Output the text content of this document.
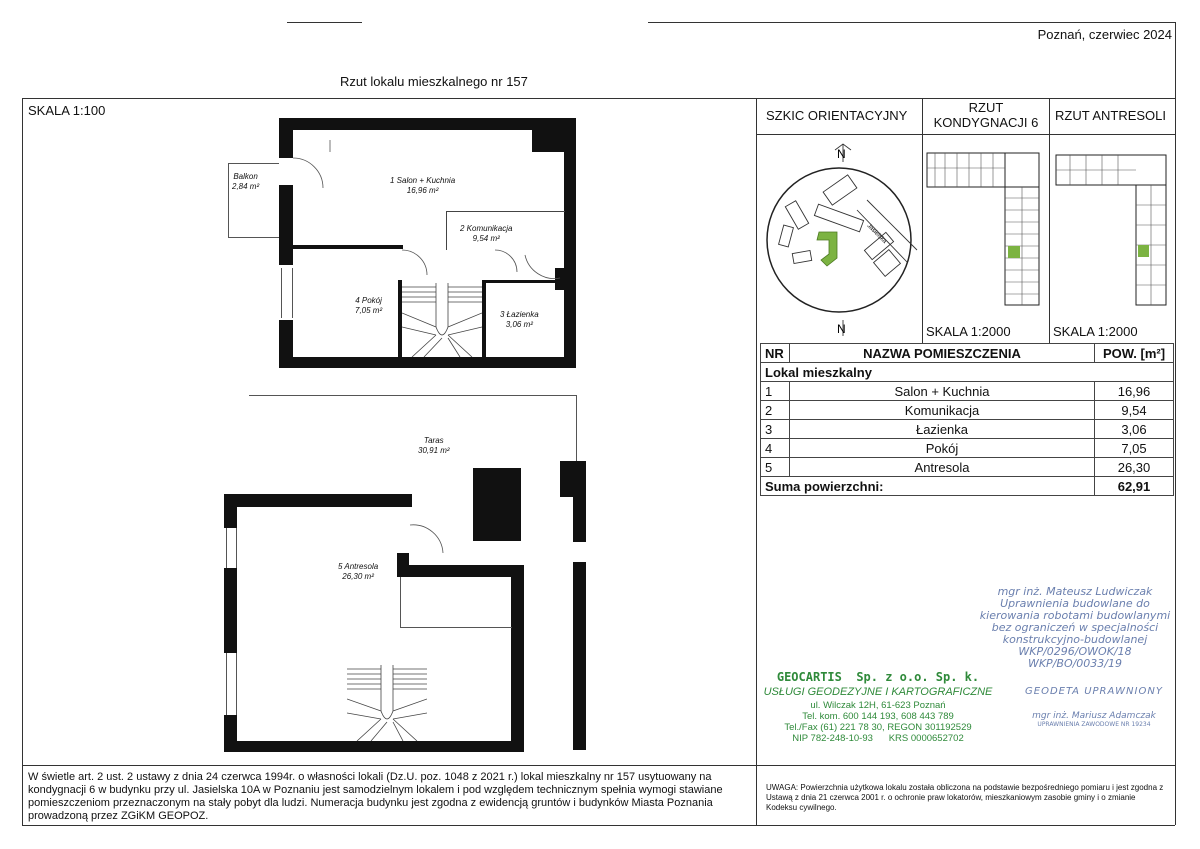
Poznań, czerwiec 2024
Rzut lokalu mieszkalnego nr 157
SKALA 1:100
Balkon
2,84 m²
1 Salon + Kuchnia
16,96 m²
2 Komunikacja
9,54 m²
4 Pokój
7,05 m²	3 Łazienka
3,06 m²
Taras
30,91 m²
5 Antresola
26,30 m²
SZKIC ORIENTACYJNY
RZUT KONDYGNACJI 6	RZUT ANTRESOLI
N
N
Jasielska
SKALA 1:2000	SKALA 1:2000
NR	NAZWA POMIESZCZENIA	POW. [m²]
Lokal mieszkalny		
1	Salon + Kuchnia	16,96
2	Komunikacja	9,54
3	Łazienka	3,06
4	Pokój	7,05
5	Antresola	26,30
Suma powierzchni:		62,91
mgr inż. Mateusz Ludwiczak
Uprawnienia budowlane do
kierowania robotami budowlanymi
bez ograniczeń w specjalności
konstrukcyjno-budowlanej
WKP/0296/OWOK/18
WKP/BO/0033/19
GEOCARTIS  Sp. z o.o. Sp. k.
USŁUGI GEODEZYJNE I KARTOGRAFICZNE
ul. Wilczak 12H, 61-623 Poznań
Tel. kom. 600 144 193, 608 443 789
Tel./Fax (61) 221 78 30, REGON 301192529
NIP 782-248-10-93      KRS 0000652702
GEODETA UPRAWNIONY
mgr inż. Mariusz Adamczak
UPRAWNIENIA ZAWODOWE NR 19234
W świetle art. 2 ust. 2 ustawy z dnia 24 czerwca 1994r. o własności lokali (Dz.U. poz. 1048 z 2021 r.) lokal mieszkalny nr 157 usytuowany na kondygnacji 6 w budynku przy ul. Jasielska 10A w Poznaniu jest samodzielnym lokalem i pod względem technicznym spełnia wymogi stawiane pomieszczeniom przeznaczonym na stały pobyt dla ludzi. Numeracja budynku jest zgodna z ewidencją gruntów i budynków Miasta Poznania prowadzoną przez ZGiKM GEOPOZ.
UWAGA: Powierzchnia użytkowa lokalu została obliczona na podstawie bezpośredniego pomiaru i jest zgodna z Ustawą z dnia 21 czerwca 2001 r. o ochronie praw lokatorów, mieszkaniowym zasobie gminy i o zmianie Kodeksu cywilnego.
